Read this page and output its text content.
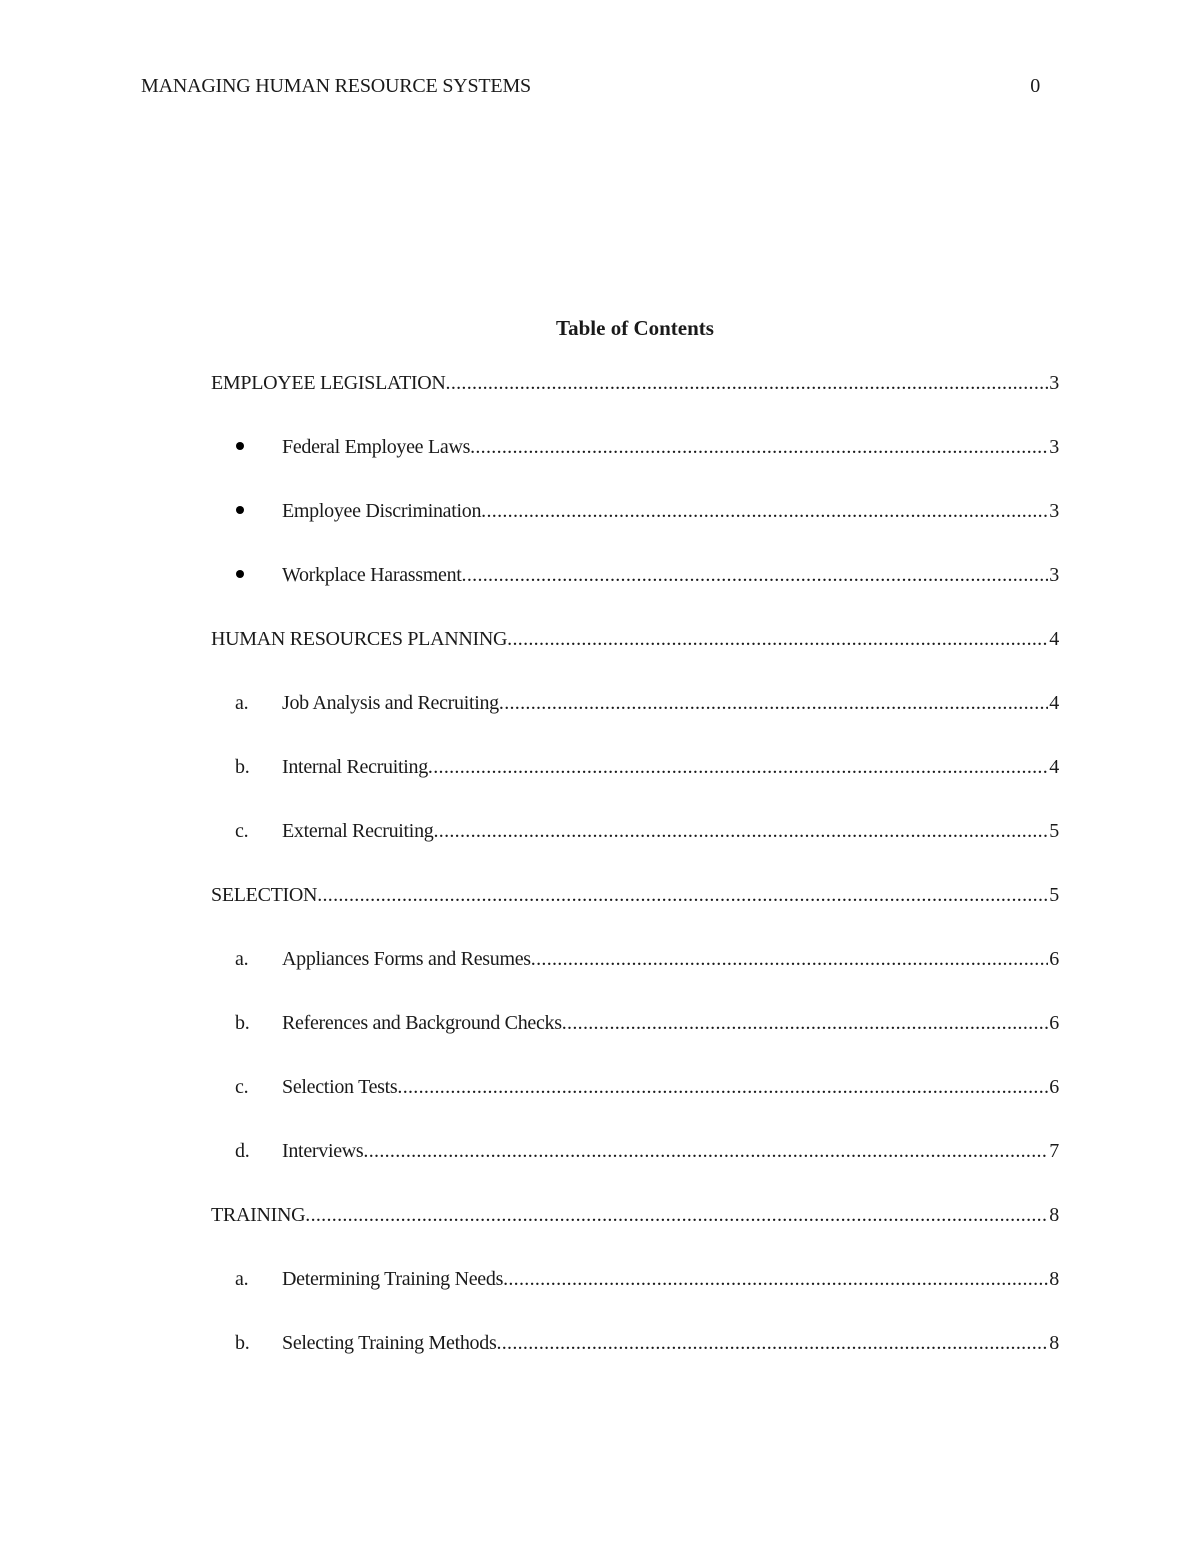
MANAGING HUMAN RESOURCE SYSTEMS	0
Table of Contents
EMPLOYEE LEGISLATION .....	3
Federal Employee Laws .....	3
Employee Discrimination .....	3
Workplace Harassment .....	3
HUMAN RESOURCES PLANNING .....	4
a.	Job Analysis and Recruiting .....	4
b.	Internal Recruiting .....	4
c.	External Recruiting .....	5
SELECTION .....	5
a.	Appliances Forms and Resumes .....	6
b.	References and Background Checks .....	6
c.	Selection Tests .....	6
d.	Interviews .....	7
TRAINING .....	8
a.	Determining Training Needs .....	8
b.	Selecting Training Methods .....	8
